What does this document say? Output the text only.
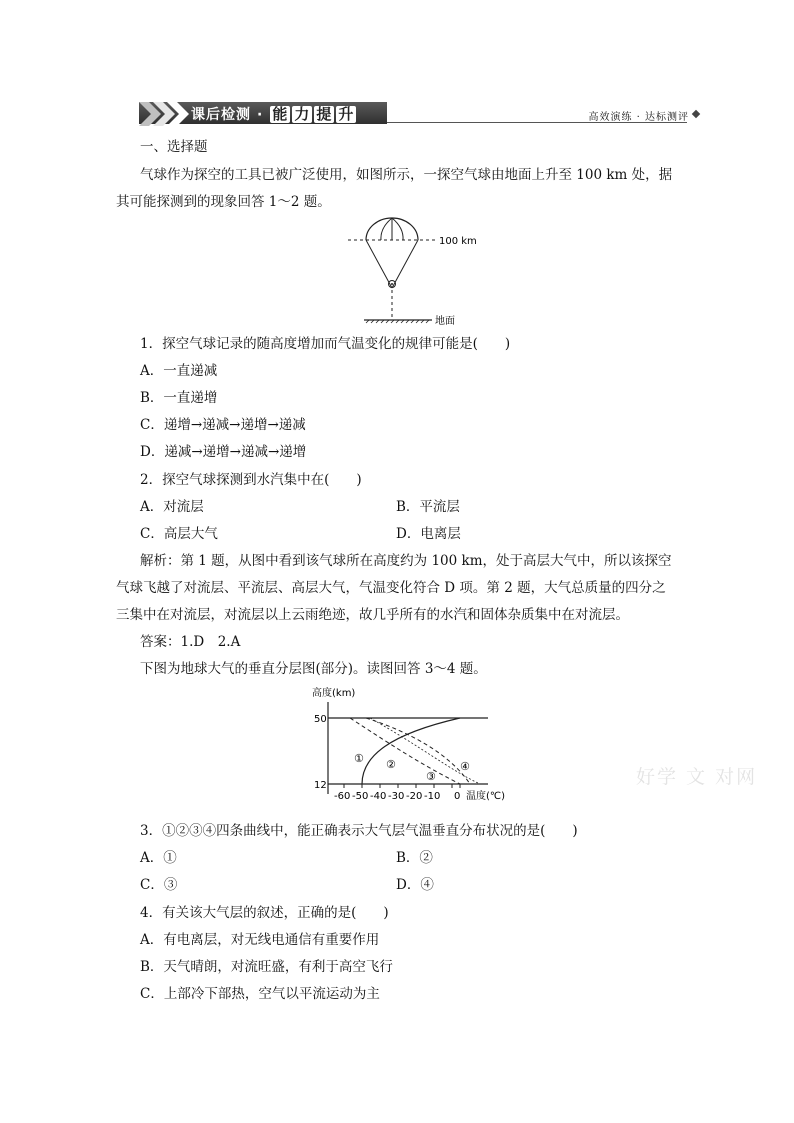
课后检测 · 能 力 提 升	高效演练 · 达标测评
一、选择题
气球作为探空的工具已被广泛使用，如图所示，一探空气球由地面上升至 100 km 处，据
其可能探测到的现象回答 1～2 题。
100 km
地面
1．探空气球记录的随高度增加而气温变化的规律可能是(　　)
A．一直递减
B．一直递增
C．递增→递减→递增→递减
D．递减→递增→递减→递增
2．探空气球探测到水汽集中在(　　)
A．对流层	B．平流层
C．高层大气	D．电离层
解析：第 1 题，从图中看到该气球所在高度约为 100 km，处于高层大气中，所以该探空
气球飞越了对流层、平流层、高层大气，气温变化符合 D 项。第 2 题，大气总质量的四分之
三集中在对流层，对流层以上云雨绝迹，故几乎所有的水汽和固体杂质集中在对流层。
答案：1.D　2.A
下图为地球大气的垂直分层图(部分)。读图回答 3～4 题。
高度(km)
50
12
① ②
③
④
-60 -50 -40 -30 -20 -10 0 温度(℃)
好学 文 对网
3．①②③④四条曲线中，能正确表示大气层气温垂直分布状况的是(　　)
A．①	B．②
C．③	D．④
4．有关该大气层的叙述，正确的是(　　)
A．有电离层，对无线电通信有重要作用
B．天气晴朗，对流旺盛，有利于高空飞行
C．上部冷下部热，空气以平流运动为主
